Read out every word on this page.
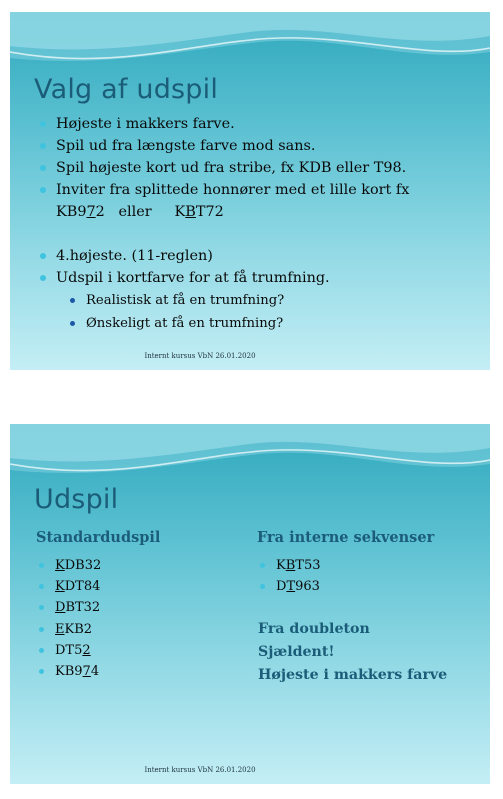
Valg af udspil
Højeste i makkers farve.
Spil ud fra længste farve mod sans.
Spil højeste kort ud fra stribe, fx KDB eller T98.
Inviter fra splittede honnører med et lille kort fx
KB972 eller KBT72
4.højeste. (11-reglen)
Udspil i kortfarve for at få trumfning.
Realistisk at få en trumfning?
Ønskeligt at få en trumfning?
Internt kursus VbN 26.01.2020
Udspil
Standardudspil
KDB32
KDT84
DBT32
EKB2
DT52
KB974
Fra interne sekvenser
KBT53
DT963
Fra doubleton
Sjældent!
Højeste i makkers farve
Internt kursus VbN 26.01.2020
